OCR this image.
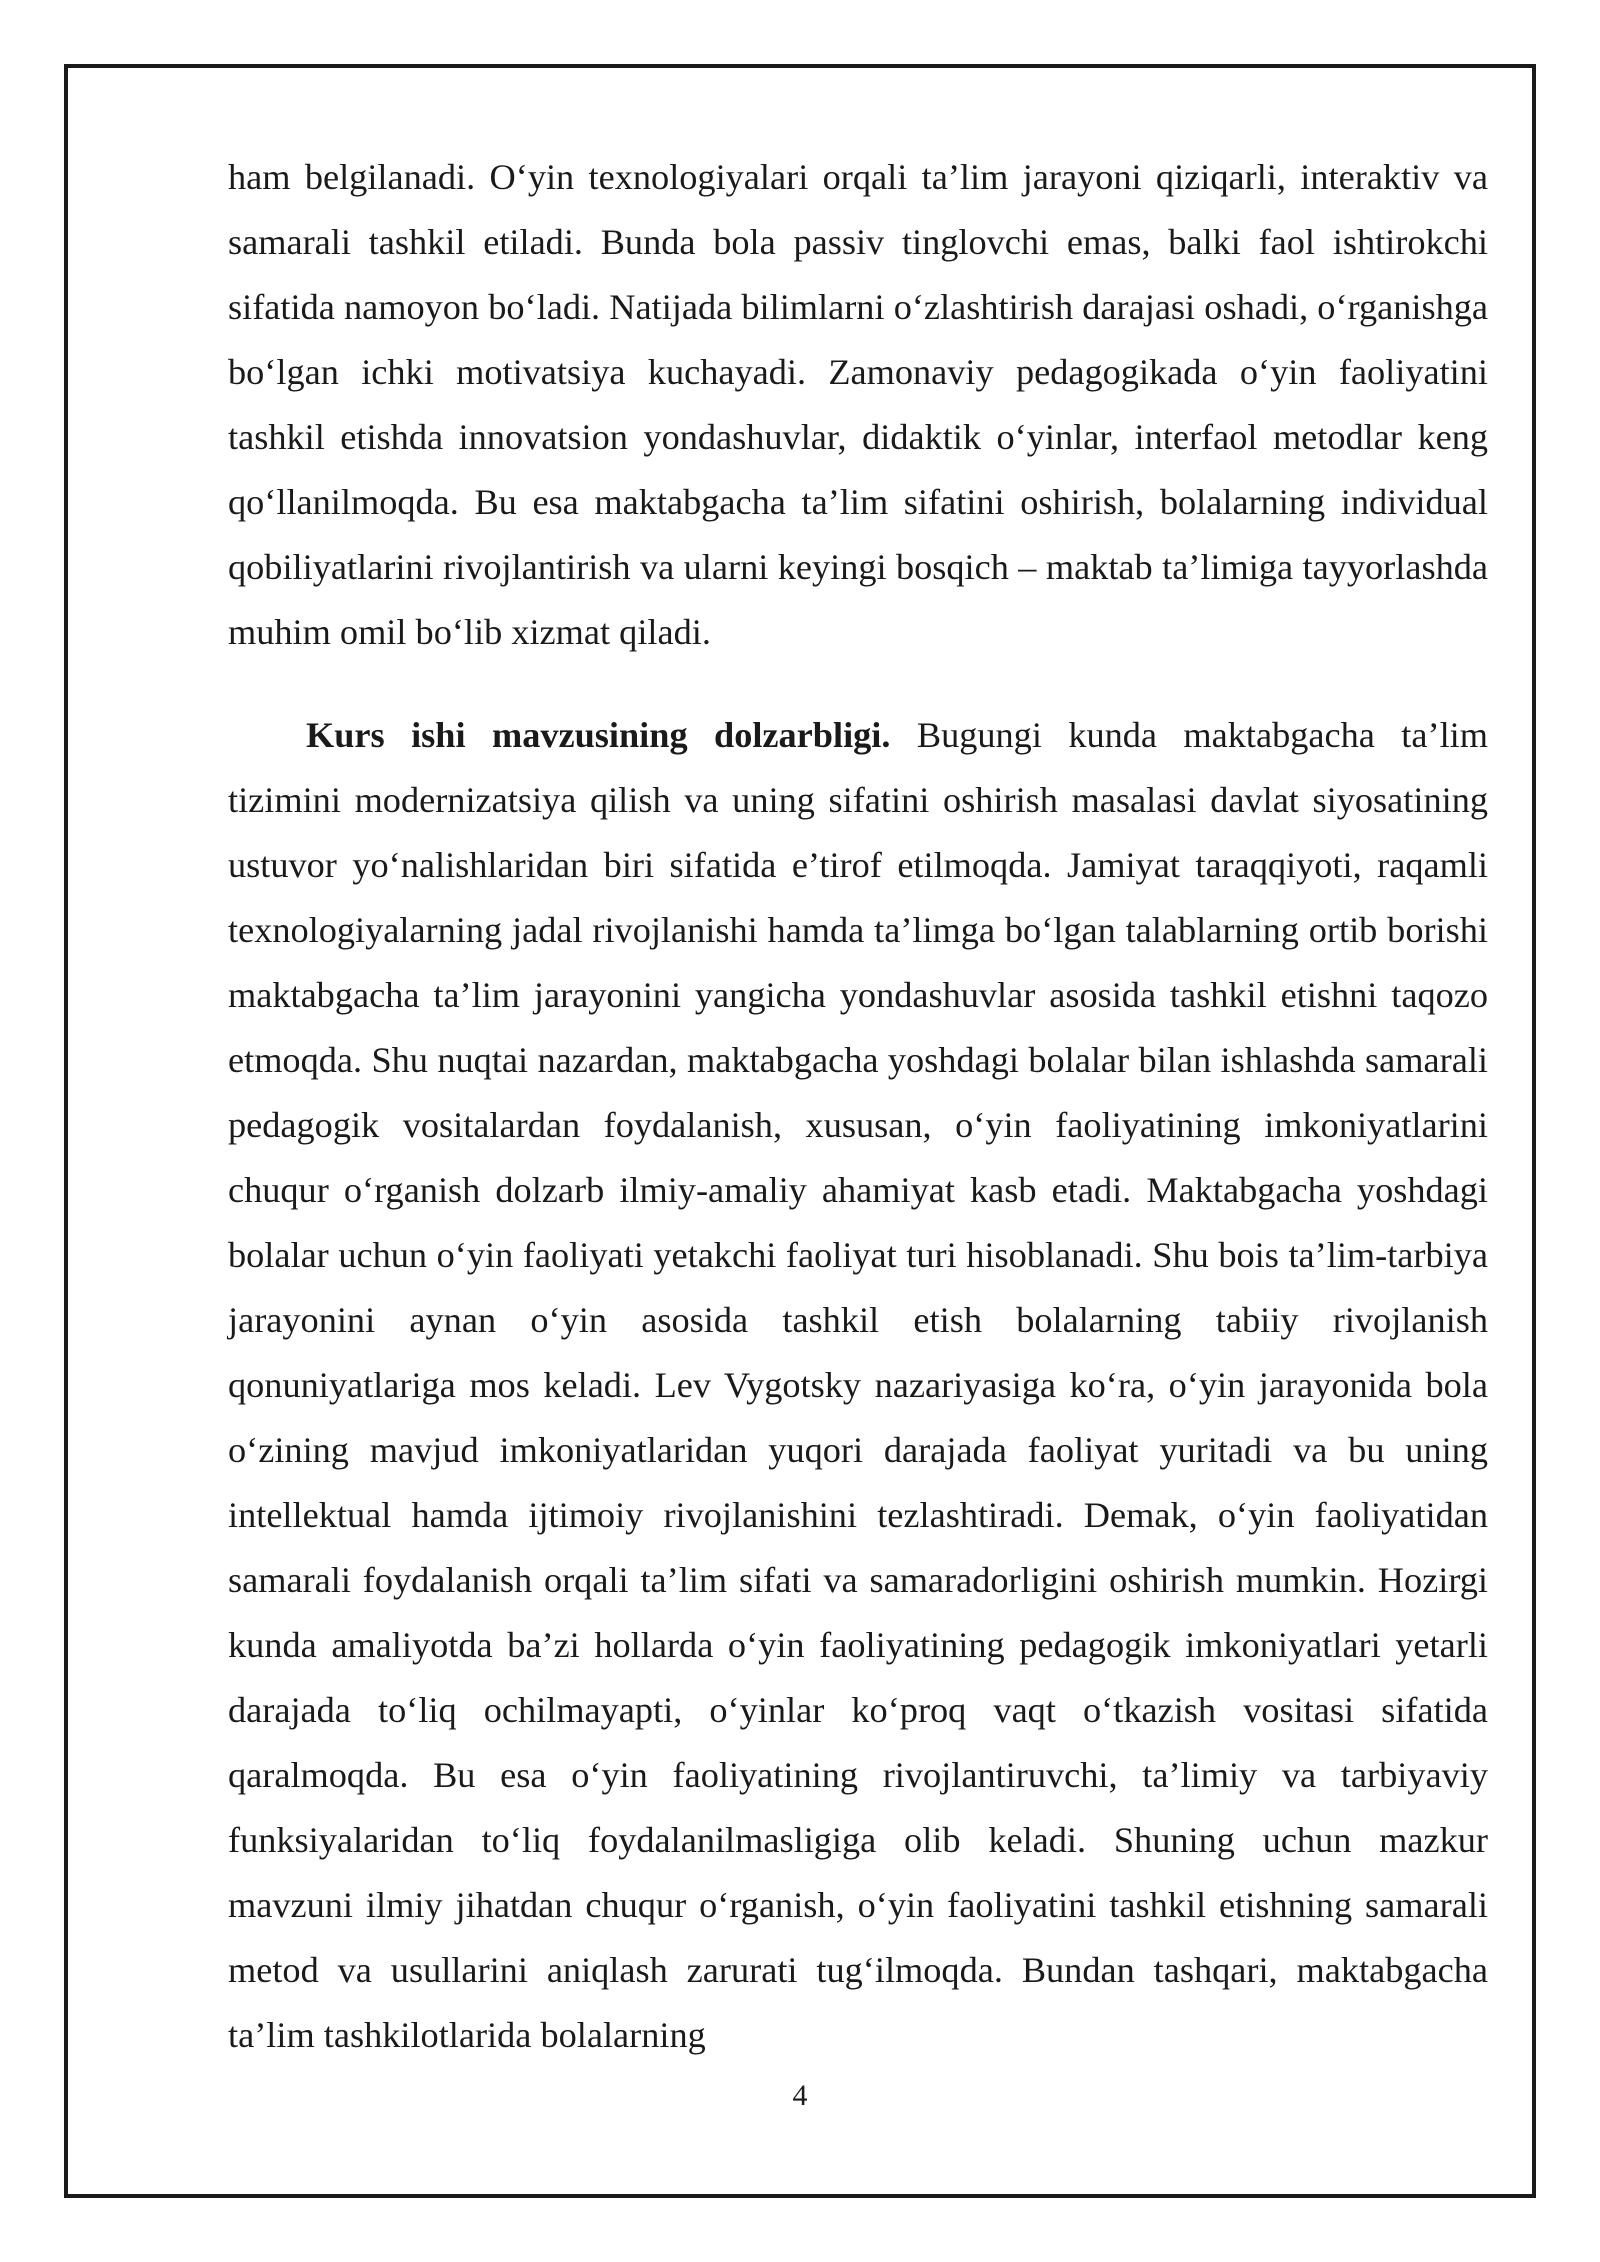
ham belgilanadi. O‘yin texnologiyalari orqali ta’lim jarayoni qiziqarli, interaktiv va samarali tashkil etiladi. Bunda bola passiv tinglovchi emas, balki faol ishtirokchi sifatida namoyon bo‘ladi. Natijada bilimlarni o‘zlashtirish darajasi oshadi, o‘rganishga bo‘lgan ichki motivatsiya kuchayadi. Zamonaviy pedagogikada o‘yin faoliyatini tashkil etishda innovatsion yondashuvlar, didaktik o‘yinlar, interfaol metodlar keng qo‘llanilmoqda. Bu esa maktabgacha ta’lim sifatini oshirish, bolalarning individual qobiliyatlarini rivojlantirish va ularni keyingi bosqich – maktab ta’limiga tayyorlashda muhim omil bo‘lib xizmat qiladi.

Kurs ishi mavzusining dolzarbligi. Bugungi kunda maktabgacha ta’lim tizimini modernizatsiya qilish va uning sifatini oshirish masalasi davlat siyosatining ustuvor yo‘nalishlaridan biri sifatida e’tirof etilmoqda. Jamiyat taraqqiyoti, raqamli texnologiyalarning jadal rivojlanishi hamda ta’limga bo‘lgan talablarning ortib borishi maktabgacha ta’lim jarayonini yangicha yondashuvlar asosida tashkil etishni taqozo etmoqda. Shu nuqtai nazardan, maktabgacha yoshdagi bolalar bilan ishlashda samarali pedagogik vositalardan foydalanish, xususan, o‘yin faoliyatining imkoniyatlarini chuqur o‘rganish dolzarb ilmiy-amaliy ahamiyat kasb etadi. Maktabgacha yoshdagi bolalar uchun o‘yin faoliyati yetakchi faoliyat turi hisoblanadi. Shu bois ta’lim-tarbiya jarayonini aynan o‘yin asosida tashkil etish bolalarning tabiiy rivojlanish qonuniyatlariga mos keladi. Lev Vygotsky nazariyasiga ko‘ra, o‘yin jarayonida bola o‘zining mavjud imkoniyatlaridan yuqori darajada faoliyat yuritadi va bu uning intellektual hamda ijtimoiy rivojlanishini tezlashtiradi. Demak, o‘yin faoliyatidan samarali foydalanish orqali ta’lim sifati va samaradorligini oshirish mumkin. Hozirgi kunda amaliyotda ba’zi hollarda o‘yin faoliyatining pedagogik imkoniyatlari yetarli darajada to‘liq ochilmayapti, o‘yinlar ko‘proq vaqt o‘tkazish vositasi sifatida qaralmoqda. Bu esa o‘yin faoliyatining rivojlantiruvchi, ta’limiy va tarbiyaviy funksiyalaridan to‘liq foydalanilmasligiga olib keladi. Shuning uchun mazkur mavzuni ilmiy jihatdan chuqur o‘rganish, o‘yin faoliyatini tashkil etishning samarali metod va usullarini aniqlash zarurati tug‘ilmoqda. Bundan tashqari, maktabgacha ta’lim tashkilotlarida bolalarning

4
